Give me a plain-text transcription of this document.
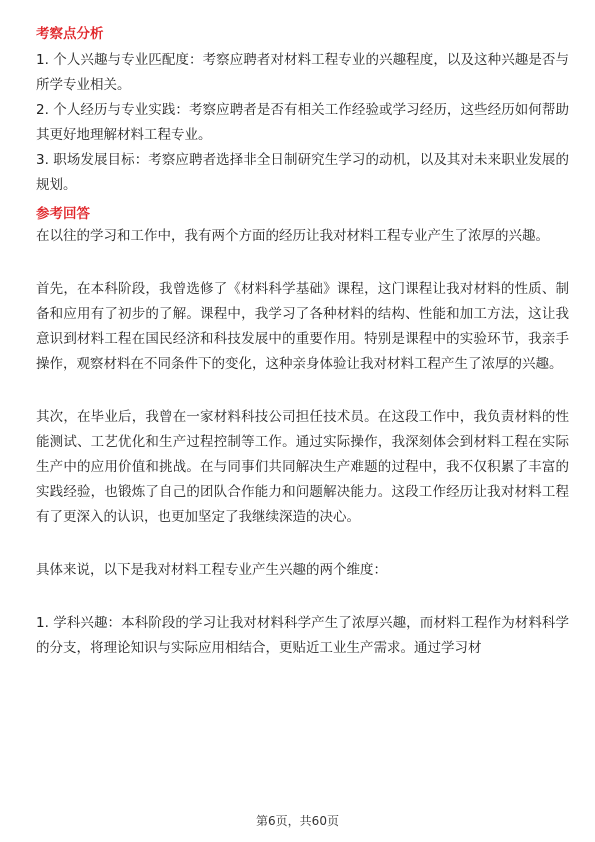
考察点分析

1. 个人兴趣与专业匹配度：考察应聘者对材料工程专业的兴趣程度，以及这种兴趣是否与所学专业相关。

2. 个人经历与专业实践：考察应聘者是否有相关工作经验或学习经历，这些经历如何帮助其更好地理解材料工程专业。

3. 职场发展目标：考察应聘者选择非全日制研究生学习的动机，以及其对未来职业发展的规划。

参考回答

在以往的学习和工作中，我有两个方面的经历让我对材料工程专业产生了浓厚的兴趣。

首先，在本科阶段，我曾选修了《材料科学基础》课程，这门课程让我对材料的性质、制备和应用有了初步的了解。课程中，我学习了各种材料的结构、性能和加工方法，这让我意识到材料工程在国民经济和科技发展中的重要作用。特别是课程中的实验环节，我亲手操作，观察材料在不同条件下的变化，这种亲身体验让我对材料工程产生了浓厚的兴趣。

其次，在毕业后，我曾在一家材料科技公司担任技术员。在这段工作中，我负责材料的性能测试、工艺优化和生产过程控制等工作。通过实际操作，我深刻体会到材料工程在实际生产中的应用价值和挑战。在与同事们共同解决生产难题的过程中，我不仅积累了丰富的实践经验，也锻炼了自己的团队合作能力和问题解决能力。这段工作经历让我对材料工程有了更深入的认识，也更加坚定了我继续深造的决心。

具体来说，以下是我对材料工程专业产生兴趣的两个维度：

1. 学科兴趣：本科阶段的学习让我对材料科学产生了浓厚兴趣，而材料工程作为材料科学的分支，将理论知识与实际应用相结合，更贴近工业生产需求。通过学习材

第6页，共60页
